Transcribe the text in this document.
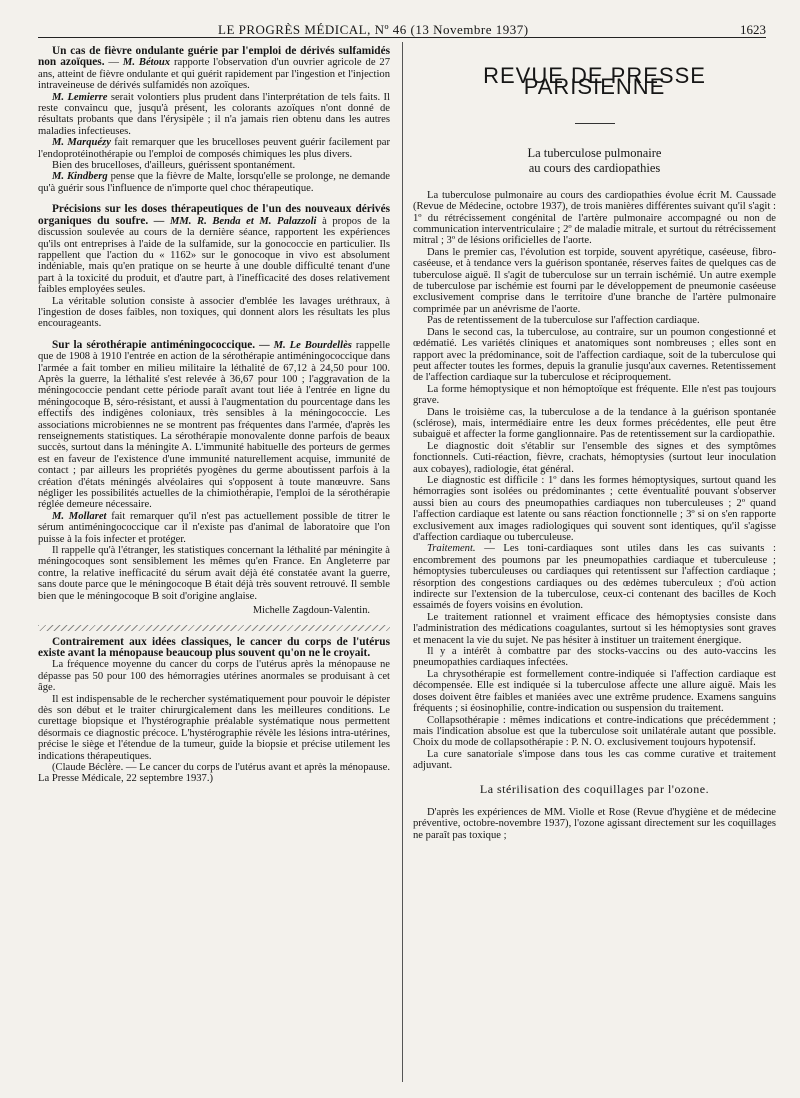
LE PROGRÈS MÉDICAL, Nº 46 (13 Novembre 1937)	1623

Un cas de fièvre ondulante guérie par l'emploi de dérivés sulfamidés non azoïques. — M. Bétoux rapporte l'observation d'un ouvrier agricole de 27 ans, atteint de fièvre ondulante et qui guérit rapidement par l'ingestion et l'injection intraveineuse de dérivés sulfamidés non azoïques.

M. Lemierre serait volontiers plus prudent dans l'interprétation de tels faits. Il reste convaincu que, jusqu'à présent, les colorants azoïques n'ont donné de résultats probants que dans l'érysipèle ; il n'a jamais rien obtenu dans les autres maladies infectieuses.

M. Marquézy fait remarquer que les brucelloses peuvent guérir facilement par l'endoprotéinothérapie ou l'emploi de composés chimiques les plus divers.

Bien des brucelloses, d'ailleurs, guérissent spontanément.

M. Kindberg pense que la fièvre de Malte, lorsqu'elle se prolonge, ne demande qu'à guérir sous l'influence de n'importe quel choc thérapeutique.

Précisions sur les doses thérapeutiques de l'un des nouveaux dérivés organiques du soufre. — MM. R. Benda et M. Palazzoli à propos de la discussion soulevée au cours de la dernière séance, rapportent les expériences qu'ils ont entreprises à l'aide de la sulfamide, sur la gonococcie en particulier. Ils rappellent que l'action du « 1162» sur le gonocoque in vivo est absolument indéniable, mais qu'en pratique on se heurte à une double difficulté tenant d'une part à la toxicité du produit, et d'autre part, à l'inefficacité des doses relativement faibles employées seules.

La véritable solution consiste à associer d'emblée les lavages uréthraux, à l'ingestion de doses faibles, non toxiques, qui donnent alors les résultats les plus encourageants.

Sur la sérothérapie antiméningococcique. — M. Le Bourdellès rappelle que de 1908 à 1910 l'entrée en action de la sérothérapie antiméningococcique dans l'armée a fait tomber en milieu militaire la léthalité de 67,12 à 24,50 pour 100. Après la guerre, la léthalité s'est relevée à 36,67 pour 100 ; l'aggravation de la méningococcie pendant cette période paraît avant tout liée à l'entrée en ligne du méningocoque B, séro-résistant, et aussi à l'augmentation du pourcentage dans les effectifs des indigènes coloniaux, très sensibles à la méningococcie. Les associations microbiennes ne se montrent pas fréquentes dans l'armée, d'après les renseignements statistiques. La sérothérapie monovalente donne parfois de beaux succès, surtout dans la méningite A. L'immunité habituelle des porteurs de germes est en faveur de l'existence d'une immunité naturellement acquise, immunité de contact ; par ailleurs les propriétés pyogènes du germe aboutissent parfois à la création d'états méningés alvéolaires qui s'opposent à toute manœuvre. Sans négliger les possibilités actuelles de la chimiothérapie, l'emploi de la sérothérapie réglée demeure nécessaire.

M. Mollaret fait remarquer qu'il n'est pas actuellement possible de titrer le sérum antiméningococcique car il n'existe pas d'animal de laboratoire que l'on puisse à la fois infecter et protéger.

Il rappelle qu'à l'étranger, les statistiques concernant la léthalité par méningite à méningocoques sont sensiblement les mêmes qu'en France. En Angleterre par contre, la relative inefficacité du sérum avait déjà été constatée avant la guerre, sans doute parce que le méningocoque B était déjà très souvent retrouvé. Il semble bien que le méningocoque B soit d'origine anglaise.

Michelle Zagdoun-Valentin.

Contrairement aux idées classiques, le cancer du corps de l'utérus existe avant la ménopause beaucoup plus souvent qu'on ne le croyait.

La fréquence moyenne du cancer du corps de l'utérus après la ménopause ne dépasse pas 50 pour 100 des hémorragies utérines anormales se produisant à cet âge.

Il est indispensable de le rechercher systématiquement pour pouvoir le dépister dès son début et le traiter chirurgicalement dans les meilleures conditions. Le curettage biopsique et l'hystérographie préalable systématique nous permettent désormais ce diagnostic précoce. L'hystérographie révèle les lésions intra-utérines, précise le siège et l'étendue de la tumeur, guide la biopsie et précise utilement les indications thérapeutiques.

(Claude Béclère. — Le cancer du corps de l'utérus avant et après la ménopause. La Presse Médicale, 22 septembre 1937.)

REVUE DE PRESSE PARISIENNE
La tuberculose pulmonaire
au cours des cardiopathies

La tuberculose pulmonaire au cours des cardiopathies évolue écrit M. Caussade (Revue de Médecine, octobre 1937), de trois manières différentes suivant qu'il s'agit : 1º du rétrécissement congénital de l'artère pulmonaire accompagné ou non de communication interventriculaire ; 2º de maladie mitrale, et surtout du rétrécissement mitral ; 3º de lésions orificielles de l'aorte.

Dans le premier cas, l'évolution est torpide, souvent apyrétique, caséeuse, fibro-caséeuse, et à tendance vers la guérison spontanée, réserves faites de quelques cas de tuberculose aiguë. Il s'agit de tuberculose sur un terrain ischémié. Un autre exemple de tuberculose par ischémie est fourni par le développement de pneumonie caséeuse exclusivement comprise dans le territoire d'une branche de l'artère pulmonaire comprimée par un anévrisme de l'aorte.

Pas de retentissement de la tuberculose sur l'affection cardiaque.

Dans le second cas, la tuberculose, au contraire, sur un poumon congestionné et œdématié. Les variétés cliniques et anatomiques sont nombreuses ; elles sont en rapport avec la prédominance, soit de l'affection cardiaque, soit de la tuberculose qui peut affecter toutes les formes, depuis la granulie jusqu'aux cavernes. Retentissement de l'affection cardiaque sur la tuberculose et réciproquement.

La forme hémoptysique et non hémoptoïque est fréquente. Elle n'est pas toujours grave.

Dans le troisième cas, la tuberculose a de la tendance à la guérison spontanée (sclérose), mais, intermédiaire entre les deux formes précédentes, elle peut être subaiguë et affecter la forme ganglionnaire. Pas de retentissement sur la cardiopathie.

Le diagnostic doit s'établir sur l'ensemble des signes et des symptômes fonctionnels. Cuti-réaction, fièvre, crachats, hémoptysies (surtout leur inoculation aux cobayes), radiologie, état général.

Le diagnostic est difficile : 1º dans les formes hémoptysiques, surtout quand les hémorragies sont isolées ou prédominantes ; cette éventualité pouvant s'observer aussi bien au cours des pneumopathies cardiaques non tuberculeuses ; 2º quand l'affection cardiaque est latente ou sans réaction fonctionnelle ; 3º si on s'en rapporte exclusivement aux images radiologiques qui souvent sont identiques, qu'il s'agisse d'affection cardiaque ou tuberculeuse.

Traitement. — Les toni-cardiaques sont utiles dans les cas suivants : encombrement des poumons par les pneumopathies cardiaque et tuberculeuse ; hémoptysies tuberculeuses ou cardiaques qui retentissent sur l'affection cardiaque ; résorption des congestions cardiaques ou des œdèmes tuberculeux ; d'où action indirecte sur l'extension de la tuberculose, ceux-ci contenant des bacilles de Koch essaimés de foyers voisins en évolution.

Le traitement rationnel et vraiment efficace des hémoptysies consiste dans l'administration des médications coagulantes, surtout si les hémoptysies sont graves et menacent la vie du sujet. Ne pas hésiter à instituer un traitement énergique.

Il y a intérêt à combattre par des stocks-vaccins ou des auto-vaccins les pneumopathies cardiaques infectées.

La chrysothérapie est formellement contre-indiquée si l'affection cardiaque est décompensée. Elle est indiquée si la tuberculose affecte une allure aiguë. Mais les doses doivent être faibles et maniées avec une extrême prudence. Examens sanguins fréquents ; si éosinophilie, contre-indication ou suspension du traitement.

Collapsothérapie : mêmes indications et contre-indications que précédemment ; mais l'indication absolue est que la tuberculose soit unilatérale autant que possible. Choix du mode de collapsothérapie : P. N. O. exclusivement toujours hypotensif.

La cure sanatoriale s'impose dans tous les cas comme curative et traitement adjuvant.

La stérilisation des coquillages par l'ozone.

D'après les expériences de MM. Violle et Rose (Revue d'hygiène et de médecine préventive, octobre-novembre 1937), l'ozone agissant directement sur les coquillages ne paraît pas toxique ;
